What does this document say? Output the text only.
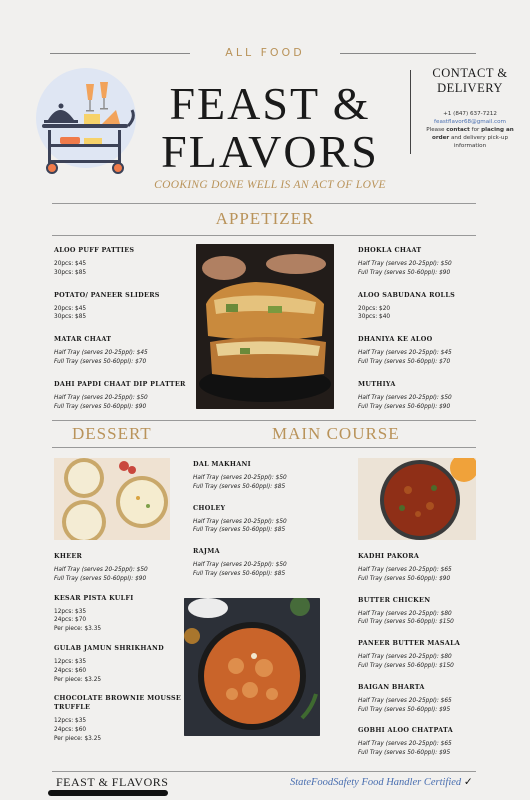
ALL FOOD
FEAST &
FLAVORS
COOKING DONE WELL IS AN ACT OF LOVE
CONTACT &
DELIVERY
+1 (847) 637-7212
feastflavor68@gmail.com
Please contact for placing an order and delivery pick-up information
APPETIZER
ALOO PUFF PATTIES
20pcs: $45
30pcs: $85
POTATO/ PANEER SLIDERS
20pcs: $45
30pcs: $85
MATAR CHAAT
Half Tray (serves 20-25ppl): $45
Full Tray (serves 50-60ppl): $70
DAHI PAPDI CHAAT DIP PLATTER
Half Tray (serves 20-25ppl): $50
Full Tray (serves 50-60ppl): $90
DHOKLA CHAAT
Half Tray (serves 20-25ppl): $50
Full Tray (serves 50-60ppl): $90
ALOO SABUDANA ROLLS
20pcs: $20
30pcs: $40
DHANIYA KE ALOO
Half Tray (serves 20-25ppl): $45
Full Tray (serves 50-60ppl): $70
MUTHIYA
Half Tray (serves 20-25ppl): $50
Full Tray (serves 50-60ppl): $90
DESSERT	MAIN COURSE
KHEER
Half Tray (serves 20-25ppl): $50
Full Tray (serves 50-60ppl): $90
KESAR PISTA KULFI
12pcs: $35
24pcs: $70
Per piece: $3.35
GULAB JAMUN SHRIKHAND
12pcs: $35
24pcs: $60
Per piece: $3.25
CHOCOLATE BROWNIE MOUSSE TRUFFLE
12pcs: $35
24pcs: $60
Per piece: $3.25
DAL MAKHANI
Half Tray (serves 20-25ppl): $50
Full Tray (serves 50-60ppl): $85
CHOLEY
Half Tray (serves 20-25ppl): $50
Full Tray (serves 50-60ppl): $85
RAJMA
Half Tray (serves 20-25ppl): $50
Full Tray (serves 50-60ppl): $85
KADHI PAKORA
Half Tray (serves 20-25ppl): $65
Full Tray (serves 50-60ppl): $90
BUTTER CHICKEN
Half Tray (serves 20-25ppl): $80
Full Tray (serves 50-60ppl): $150
PANEER BUTTER MASALA
Half Tray (serves 20-25ppl): $80
Full Tray (serves 50-60ppl): $150
BAIGAN BHARTA
Half Tray (serves 20-25ppl): $65
Full Tray (serves 50-60ppl): $95
GOBHI ALOO CHATPATA
Half Tray (serves 20-25ppl): $65
Full Tray (serves 50-60ppl): $95
FEAST & FLAVORS	StateFoodSafety Food Handler Certified ✓
